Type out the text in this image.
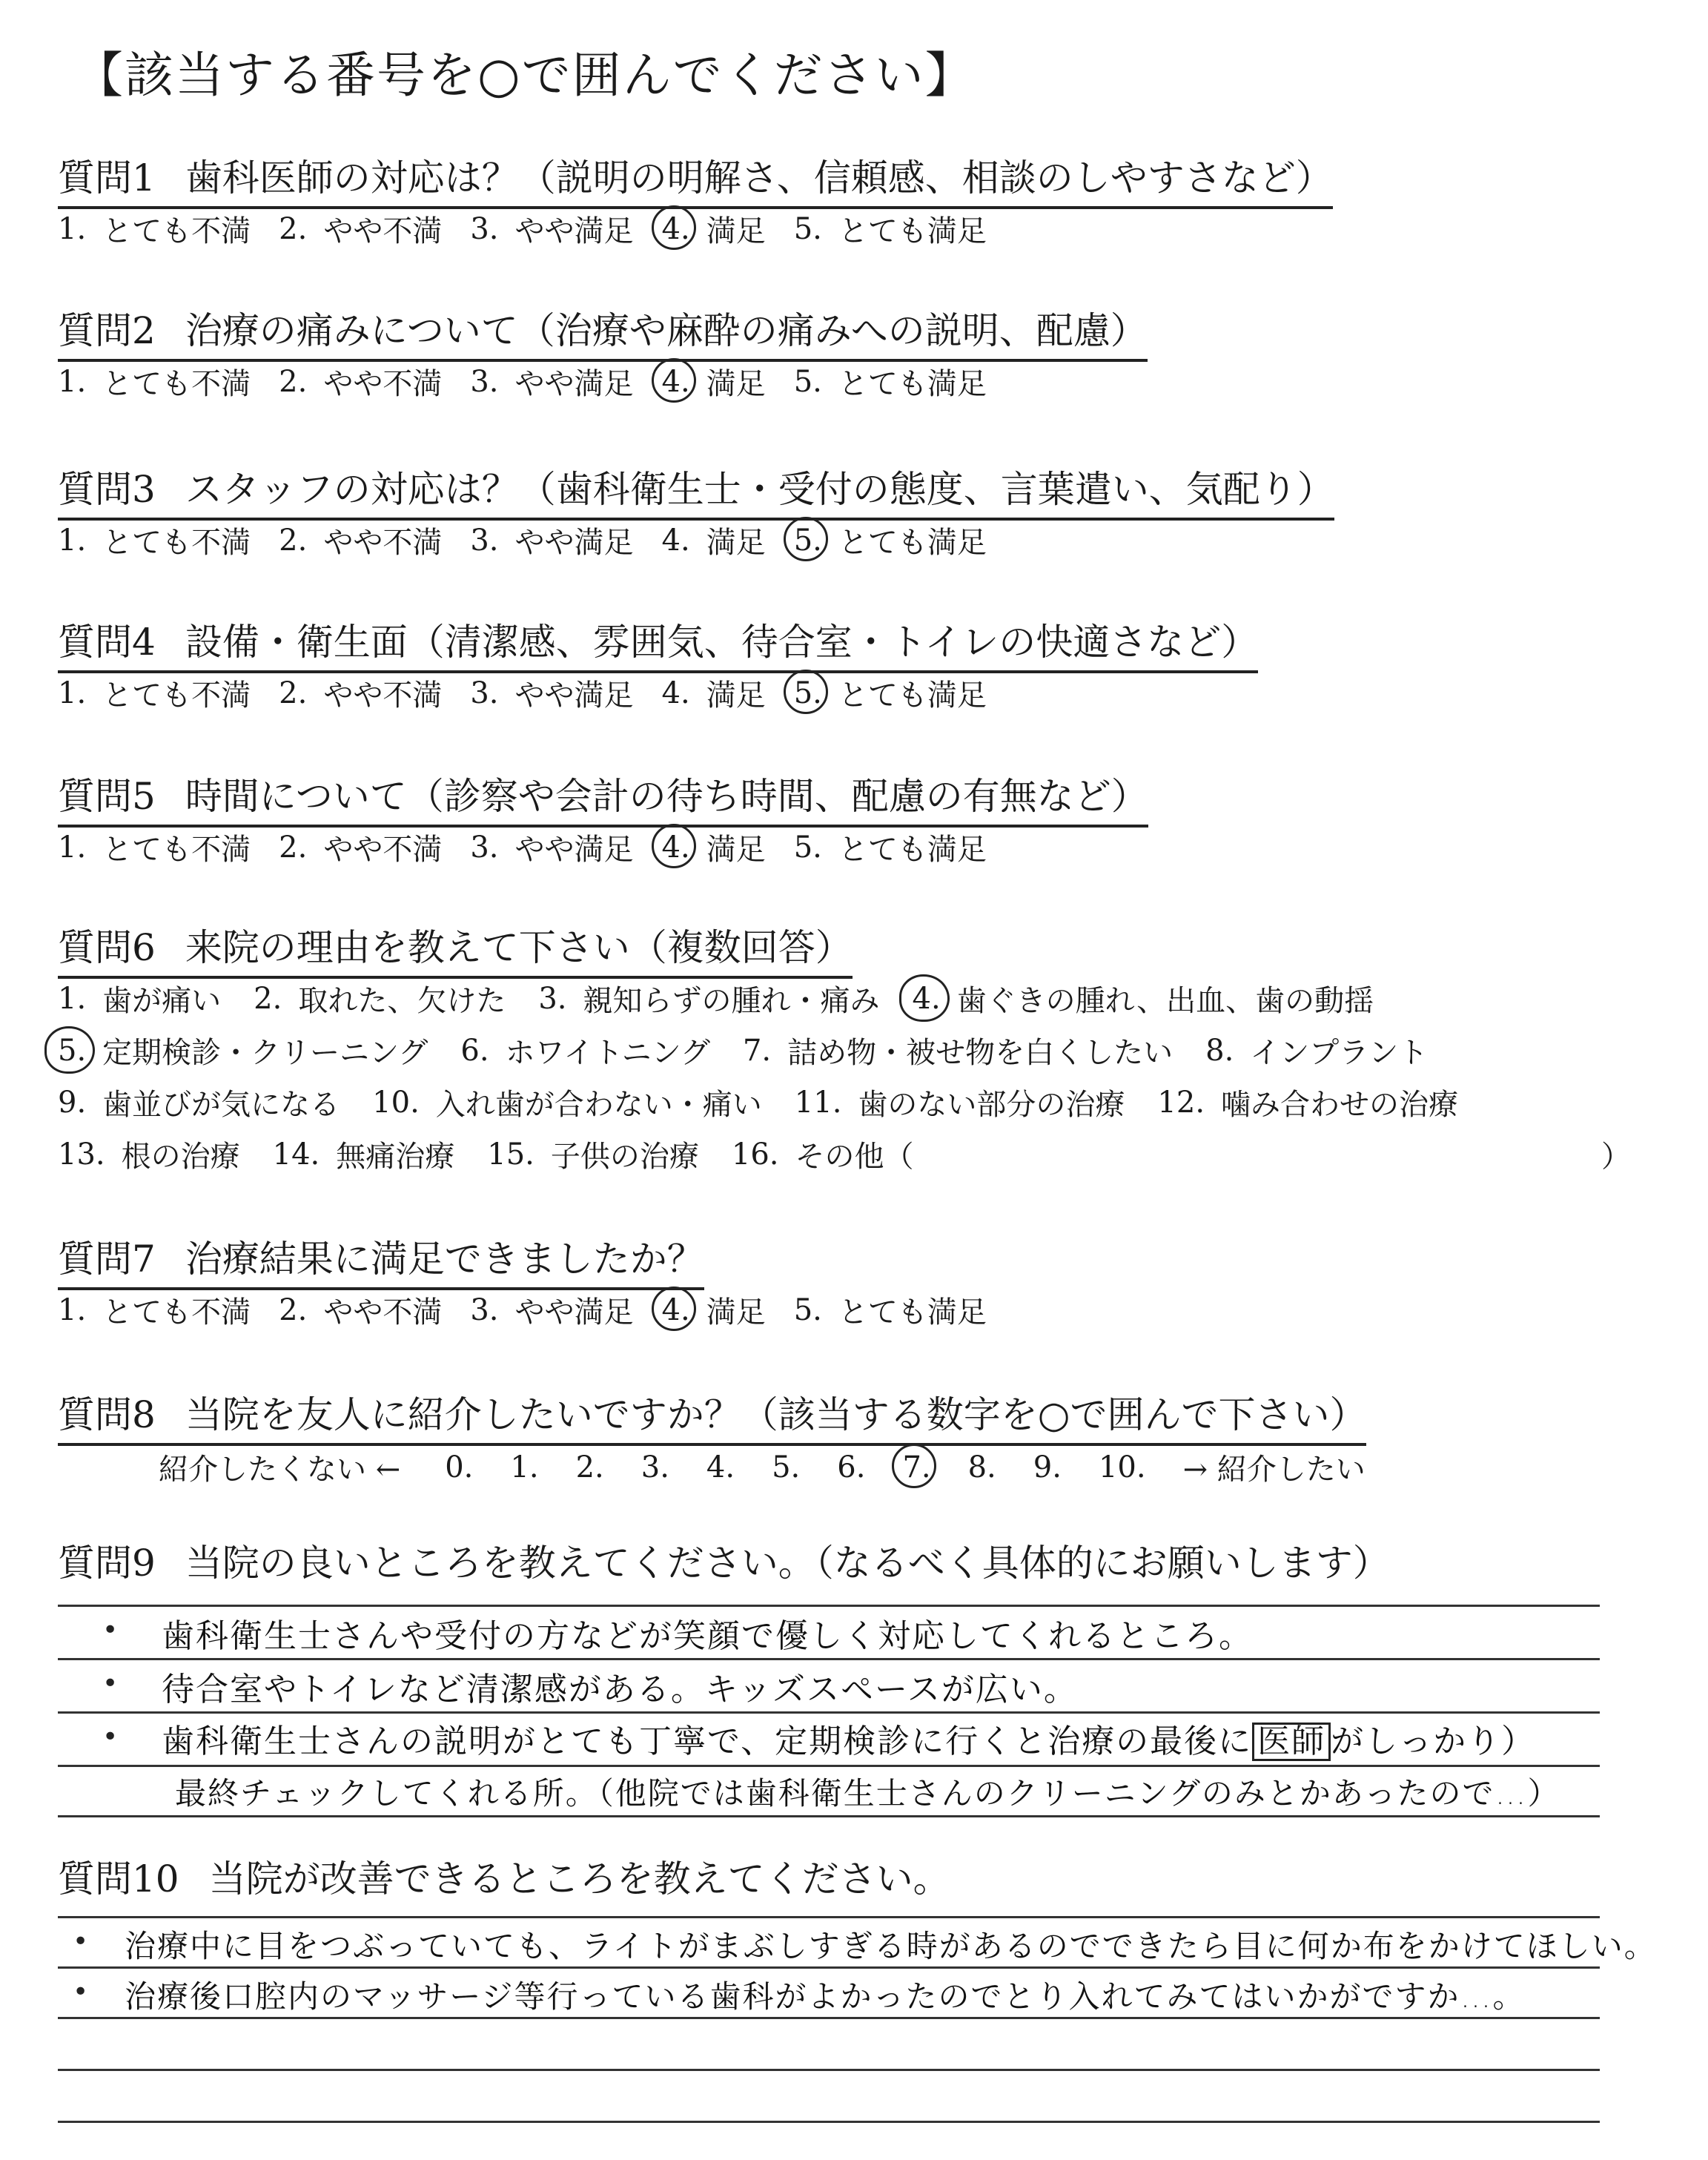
【該当する番号を○で囲んでください】
質問1 歯科医師の対応は？（説明の明解さ、信頼感、相談のしやすさなど）
1. とても不満 2. やや不満 3. やや満足 4. 満足 5. とても満足
質問2 治療の痛みについて（治療や麻酔の痛みへの説明、配慮）
1. とても不満 2. やや不満 3. やや満足 4. 満足 5. とても満足
質問3 スタッフの対応は？（歯科衛生士・受付の態度、言葉遣い、気配り）
1. とても不満 2. やや不満 3. やや満足 4. 満足 5. とても満足
質問4 設備・衛生面（清潔感、雰囲気、待合室・トイレの快適さなど）
1. とても不満 2. やや不満 3. やや満足 4. 満足 5. とても満足
質問5 時間について（診察や会計の待ち時間、配慮の有無など）
1. とても不満 2. やや不満 3. やや満足 4. 満足 5. とても満足
質問6 来院の理由を教えて下さい（複数回答）
1. 歯が痛い 2. 取れた、欠けた 3. 親知らずの腫れ・痛み 4. 歯ぐきの腫れ、出血、歯の動揺
5. 定期検診・クリーニング 6. ホワイトニング 7. 詰め物・被せ物を白くしたい 8. インプラント
9. 歯並びが気になる 10. 入れ歯が合わない・痛い 11. 歯のない部分の治療 12. 噛み合わせの治療
13. 根の治療 14. 無痛治療 15. 子供の治療 16. その他（	）
質問7 治療結果に満足できましたか？
1. とても不満 2. やや不満 3. やや満足 4. 満足 5. とても満足
質問8 当院を友人に紹介したいですか？（該当する数字を○で囲んで下さい）
紹介したくない ← 0. 1. 2. 3. 4. 5. 6. 7. 8. 9. 10. → 紹介したい
質問9 当院の良いところを教えてください。（なるべく具体的にお願いします）
• 歯科衛生士さんや受付の方などが笑顔で優しく対応してくれるところ。
• 待合室やトイレなど清潔感がある。キッズスペースが広い。
• 歯科衛生士さんの説明がとても丁寧で、定期検診に行くと治療の最後に 医師 がしっかり）
最終チェックしてくれる所。（他院では歯科衛生士さんのクリーニングのみとかあったので…）
質問10 当院が改善できるところを教えてください。
• 治療中に目をつぶっていても、ライトがまぶしすぎる時があるのでできたら目に何か布をかけてほしい。
• 治療後口腔内のマッサージ等行っている歯科がよかったのでとり入れてみてはいかがですか…。
